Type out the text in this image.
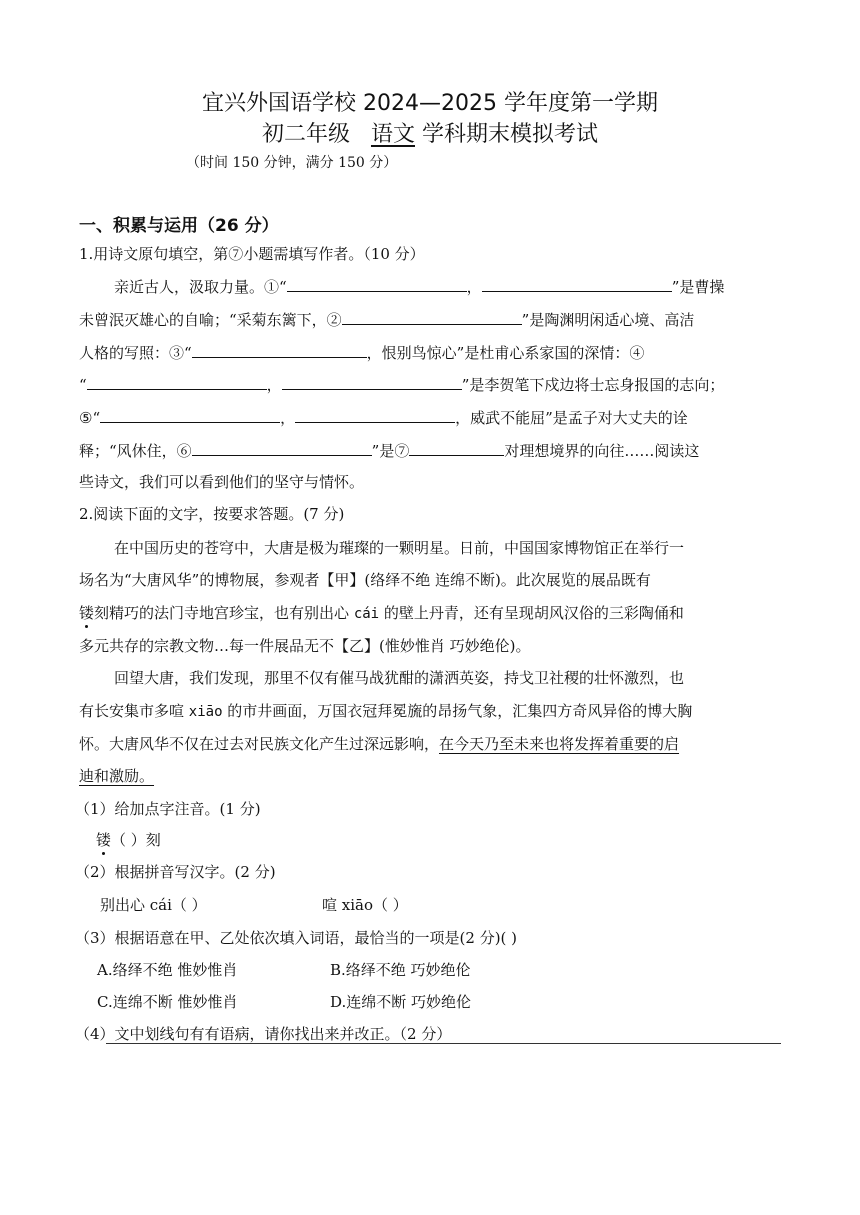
宜兴外国语学校 2024—2025 学年度第一学期
初二年级 语文 学科期末模拟考试
（时间 150 分钟，满分 150 分）
一、积累与运用（26 分）
1.用诗文原句填空，第⑦小题需填写作者。（10 分）
亲近古人，汲取力量。①“	，	”是曹操
未曾泯灭雄心的自喻；“采菊东篱下，②	”是陶渊明闲适心境、高洁
人格的写照：③“	，恨别鸟惊心”是杜甫心系家国的深情：④
“	，	”是李贺笔下戍边将士忘身报国的志向；
⑤“	，	，威武不能屈”是孟子对大丈夫的诠
释；“风休住，⑥	”是⑦	对理想境界的向往……阅读这
些诗文，我们可以看到他们的坚守与情怀。
2.阅读下面的文字，按要求答题。(7 分)
在中国历史的苍穹中，大唐是极为璀璨的一颗明星。日前，中国国家博物馆正在举行一
场名为“大唐风华”的博物展，参观者【甲】(络绎不绝 连绵不断)。此次展览的展品既有
镂刻精巧的法门寺地宫珍宝，也有别出心 cái 的壁上丹青，还有呈现胡风汉俗的三彩陶俑和
多元共存的宗教文物…每一件展品无不【乙】(惟妙惟肖 巧妙绝伦)。
回望大唐，我们发现，那里不仅有催马战犹酣的潇洒英姿，持戈卫社稷的壮怀激烈，也
有长安集市多喧 xiāo 的市井画面，万国衣冠拜冕旒的昂扬气象，汇集四方奇风异俗的博大胸
怀。大唐风华不仅在过去对民族文化产生过深远影响，在今天乃至未来也将发挥着重要的启
迪和激励。
（1）给加点字注音。(1 分)
镂（ ）刻
（2）根据拼音写汉字。(2 分)
别出心 cái（ ）	喧 xiāo（ ）
（3）根据语意在甲、乙处依次填入词语，最恰当的一项是(2 分)( )
A.络绎不绝 惟妙惟肖	B.络绎不绝 巧妙绝伦
C.连绵不断 惟妙惟肖	D.连绵不断 巧妙绝伦
（4）文中划线句有有语病，请你找出来并改正。（2 分）
